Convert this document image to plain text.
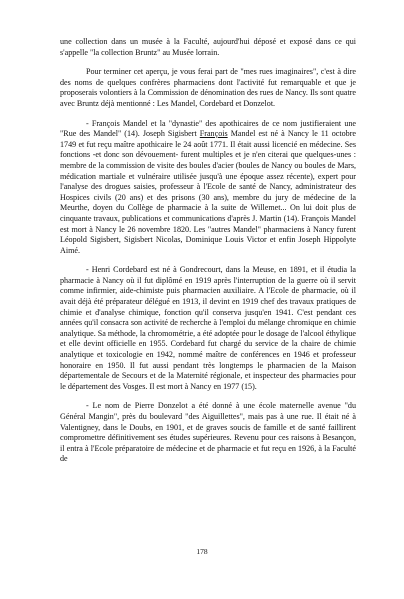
une collection dans un musée à la Faculté, aujourd'hui déposé et exposé dans ce qui s'appelle "la collection Bruntz" au Musée lorrain.

Pour terminer cet aperçu, je vous ferai part de "mes rues imaginaires", c'est à dire des noms de quelques confrères pharmaciens dont l'activité fut remarquable et que je proposerais volontiers à la Commission de dénomination des rues de Nancy. Ils sont quatre avec Bruntz déjà mentionné : Les Mandel, Cordebard et Donzelot.

- François Mandel et la "dynastie" des apothicaires de ce nom justifieraient une "Rue des Mandel" (14). Joseph Sigisbert François Mandel est né à Nancy le 11 octobre 1749 et fut reçu maître apothicaire le 24 août 1771. Il était aussi licencié en médecine. Ses fonctions -et donc son dévouement- furent multiples et je n'en citerai que quelques-unes : membre de la commission de visite des boules d'acier (boules de Nancy ou boules de Mars, médication martiale et vulnéraire utilisée jusqu'à une époque assez récente), expert pour l'analyse des drogues saisies, professeur à l'Ecole de santé de Nancy, administrateur des Hospices civils (20 ans) et des prisons (30 ans), membre du jury de médecine de la Meurthe, doyen du Collège de pharmacie à la suite de Willemet... On lui doit plus de cinquante travaux, publications et communications d'après J. Martin (14). François Mandel est mort à Nancy le 26 novembre 1820. Les "autres Mandel" pharmaciens à Nancy furent Léopold Sigisbert, Sigisbert Nicolas, Dominique Louis Victor et enfin Joseph Hippolyte Aimé.

- Henri Cordebard est né à Gondrecourt, dans la Meuse, en 1891, et il étudia la pharmacie à Nancy où il fut diplômé en 1919 après l'interruption de la guerre où il servit comme infirmier, aide-chimiste puis pharmacien auxiliaire. A l'Ecole de pharmacie, où il avait déjà été préparateur délégué en 1913, il devint en 1919 chef des travaux pratiques de chimie et d'analyse chimique, fonction qu'il conserva jusqu'en 1941. C'est pendant ces années qu'il consacra son activité de recherche à l'emploi du mélange chromique en chimie analytique. Sa méthode, la chromométrie, a été adoptée pour le dosage de l'alcool éthylique et elle devint officielle en 1955. Cordebard fut chargé du service de la chaire de chimie analytique et toxicologie en 1942, nommé maître de conférences en 1946 et professeur honoraire en 1950. Il fut aussi pendant très longtemps le pharmacien de la Maison départementale de Secours et de la Maternité régionale, et inspecteur des pharmacies pour le département des Vosges. Il est mort à Nancy en 1977 (15).

- Le nom de Pierre Donzelot a été donné à une école maternelle avenue "du Général Mangin", près du boulevard "des Aiguillettes", mais pas à une rue. Il était né à Valentigney, dans le Doubs, en 1901, et de graves soucis de famille et de santé faillirent compromettre définitivement ses études supérieures. Revenu pour ces raisons à Besançon, il entra à l'Ecole préparatoire de médecine et de pharmacie et fut reçu en 1926, à la Faculté de

178
